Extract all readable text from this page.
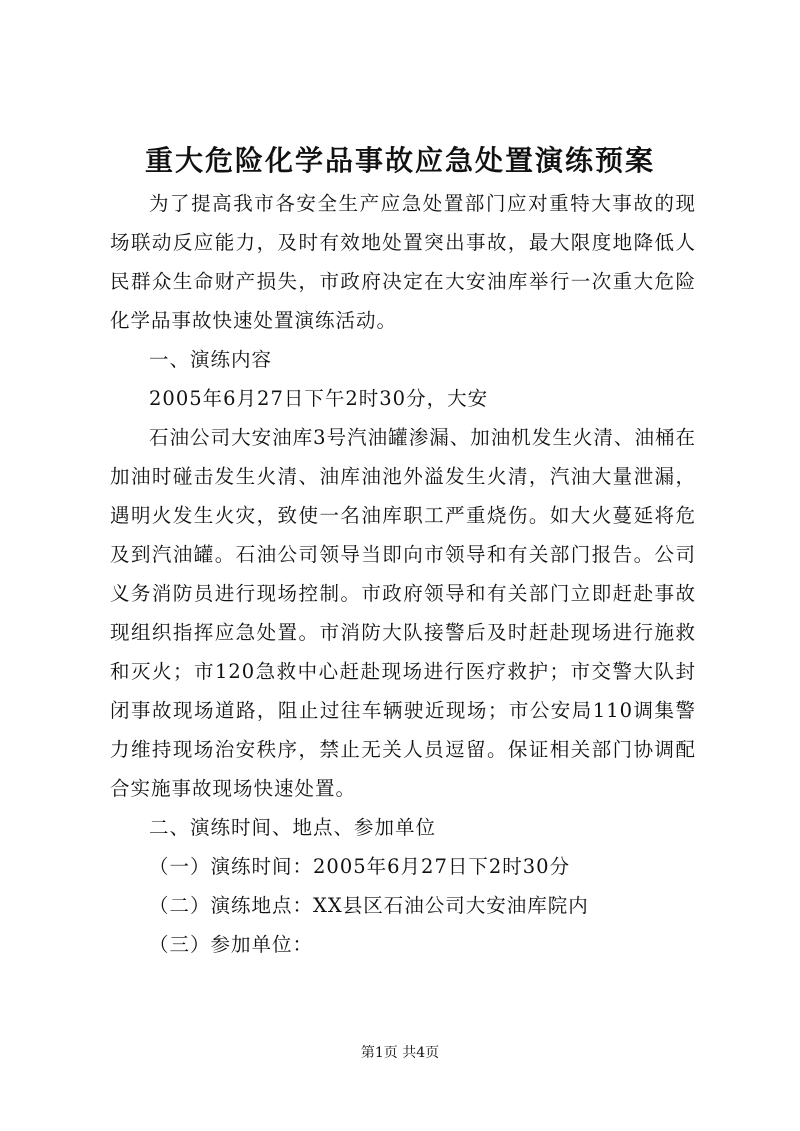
重大危险化学品事故应急处置演练预案

为了提高我市各安全生产应急处置部门应对重特大事故的现场联动反应能力，及时有效地处置突出事故，最大限度地降低人民群众生命财产损失，市政府决定在大安油库举行一次重大危险化学品事故快速处置演练活动。

一、演练内容

2005年6月27日下午2时30分，大安

石油公司大安油库3号汽油罐渗漏、加油机发生火清、油桶在加油时碰击发生火清、油库油池外溢发生火清，汽油大量泄漏，遇明火发生火灾，致使一名油库职工严重烧伤。如大火蔓延将危及到汽油罐。石油公司领导当即向市领导和有关部门报告。公司义务消防员进行现场控制。市政府领导和有关部门立即赶赴事故现组织指挥应急处置。市消防大队接警后及时赶赴现场进行施救和灭火；市120急救中心赶赴现场进行医疗救护；市交警大队封闭事故现场道路，阻止过往车辆驶近现场；市公安局110调集警力维持现场治安秩序，禁止无关人员逗留。保证相关部门协调配合实施事故现场快速处置。

二、演练时间、地点、参加单位

（一）演练时间：2005年6月27日下2时30分

（二）演练地点：XX县区石油公司大安油库院内

（三）参加单位：

第1页 共4页
